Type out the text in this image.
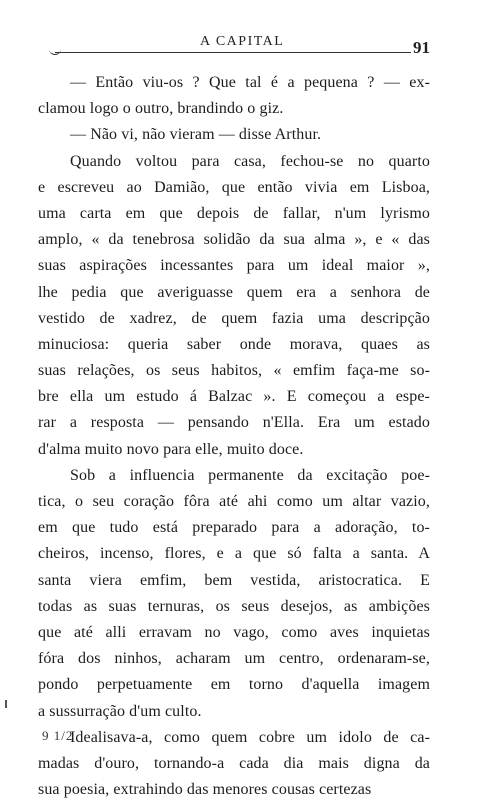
A CAPITAL	91
— Então viu-os ? Que tal é a pequena ? — ex-
clamou logo o outro, brandindo o giz.
— Não vi, não vieram — disse Arthur.
Quando voltou para casa, fechou-se no quarto
e escreveu ao Damião, que então vivia em Lisboa,
uma carta em que depois de fallar, n'um lyrismo
amplo, « da tenebrosa solidão da sua alma », e « das
suas aspirações incessantes para um ideal maior »,
lhe pedia que averiguasse quem era a senhora de
vestido de xadrez, de quem fazia uma descripção
minuciosa: queria saber onde morava, quaes as
suas relações, os seus habitos, « emfim faça-me so-
bre ella um estudo á Balzac ». E começou a espe-
rar a resposta — pensando n'Ella. Era um estado
d'alma muito novo para elle, muito doce.
Sob a influencia permanente da excitação poe-
tica, o seu coração fôra até ahi como um altar vazio,
em que tudo está preparado para a adoração, to-
cheiros, incenso, flores, e a que só falta a santa. A
santa viera emfim, bem vestida, aristocratica. E
todas as suas ternuras, os seus desejos, as ambições
que até alli erravam no vago, como aves inquietas
fóra dos ninhos, acharam um centro, ordenaram-se,
pondo perpetuamente em torno d'aquella imagem
a sussurração d'um culto.
Idealisava-a, como quem cobre um idolo de ca-
madas d'ouro, tornando-a cada dia mais digna da
sua poesia, extrahindo das menores cousas certezas
9 1/2
